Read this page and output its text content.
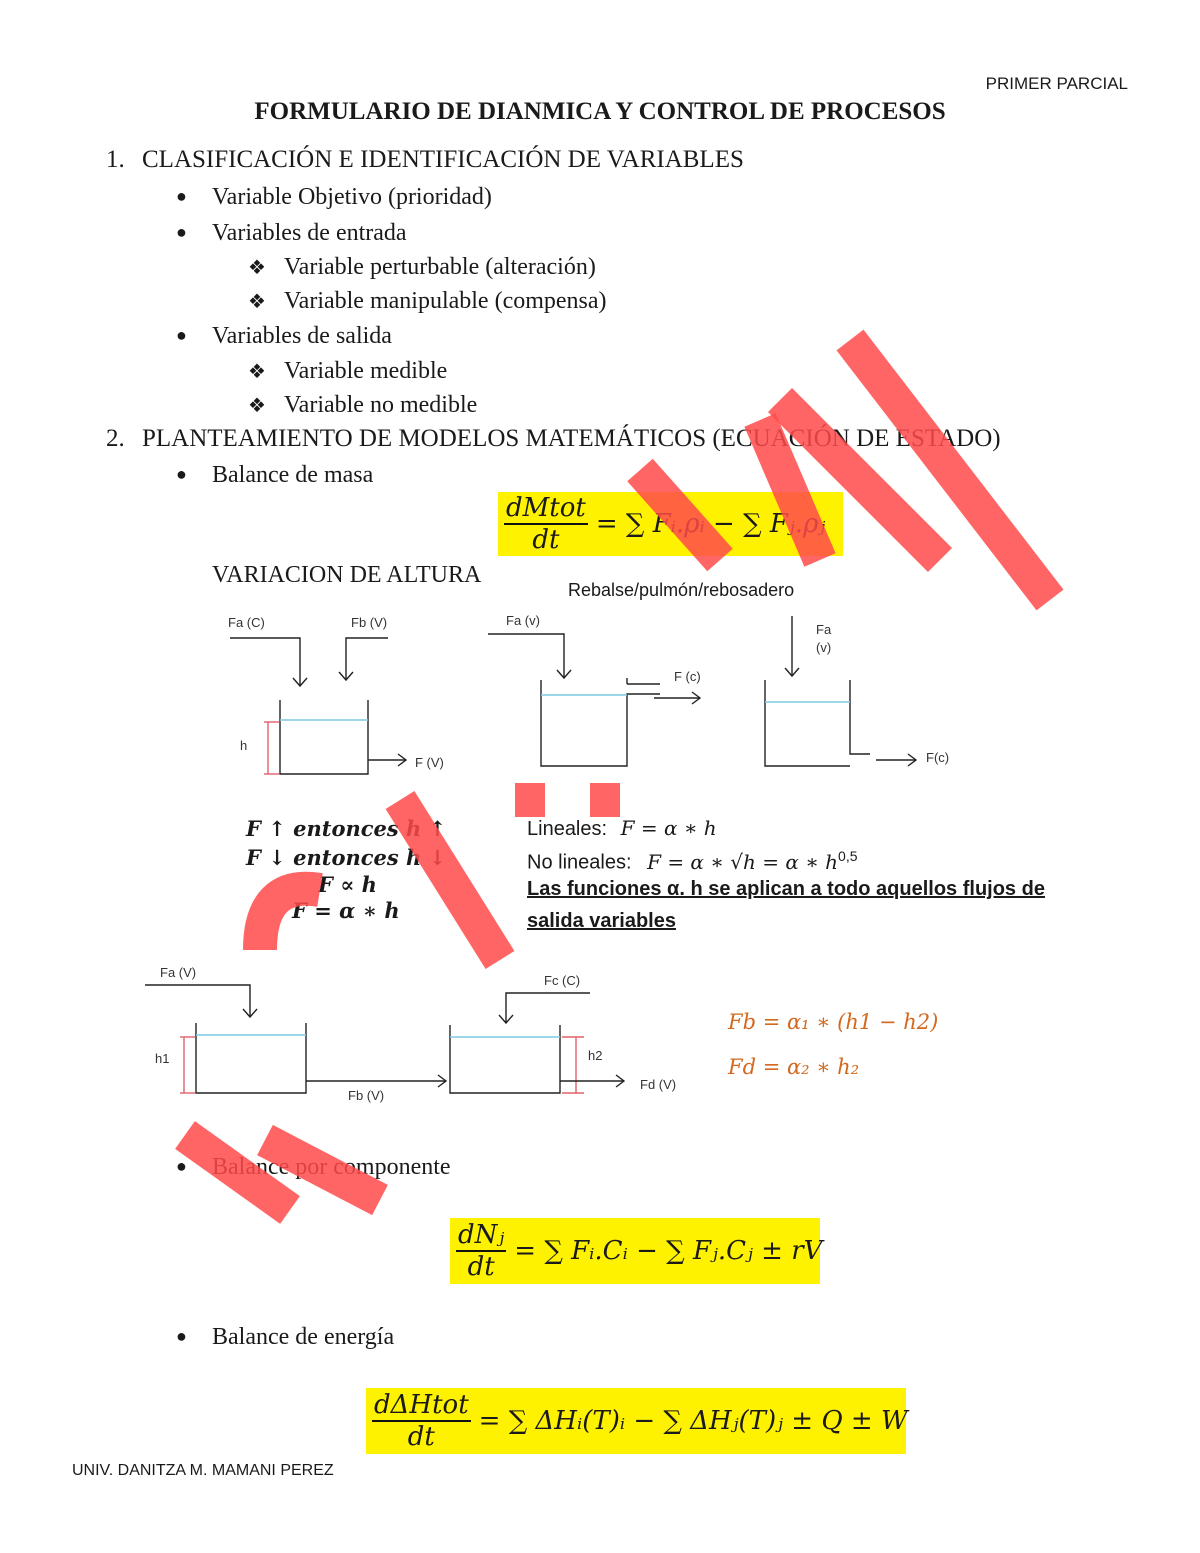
PRIMER PARCIAL
FORMULARIO DE DIANMICA Y CONTROL DE PROCESOS
1. CLASIFICACIÓN E IDENTIFICACIÓN DE VARIABLES
● Variable Objetivo (prioridad)
● Variables de entrada
❖ Variable perturbable (alteración)
❖ Variable manipulable (compensa)
● Variables de salida
❖ Variable medible
❖ Variable no medible
2. PLANTEAMIENTO DE MODELOS MATEMÁTICOS (ECUACIÓN DE ESTADO)
● Balance de masa
$\frac{\text{dMtot}}{dt}$ = ∑ Fᵢ.ρᵢ − ∑ Fⱼ.ρⱼ
VARIACION DE ALTURA
Rebalse/pulmón/rebosadero
Fa (C)	Fb (V)
F (V)
h
Fa (v)
F (c)
Fa
(v)
F(c)
F ↑ entonces h ↑
F ↓ entonces h ↓
F ∝ h
F = α ∗ h
Lineales: F = α ∗ h
No lineales: F = α ∗ √h = α ∗ $h^{0,5}$
Las funciones α. h se aplican a todo aquellos flujos de
salida variables
Fa (V)
h1
Fb (V)
Fc (C)
h2
Fd (V)
Fb = α₁ ∗ (h1 − h2)
Fd = α₂ ∗ h₂
● Balance por componente
$\frac{\text{dNⱼ}}{dt}$ = ∑ Fᵢ.Cᵢ − ∑ Fⱼ.Cⱼ ± rV
● Balance de energía
$\frac{\text{dΔHtot}}{dt}$ = ∑ ΔHᵢ(T)ᵢ − ∑ ΔHⱼ(T)ⱼ ± Q ± W
UNIV. DANITZA M. MAMANI PEREZ
